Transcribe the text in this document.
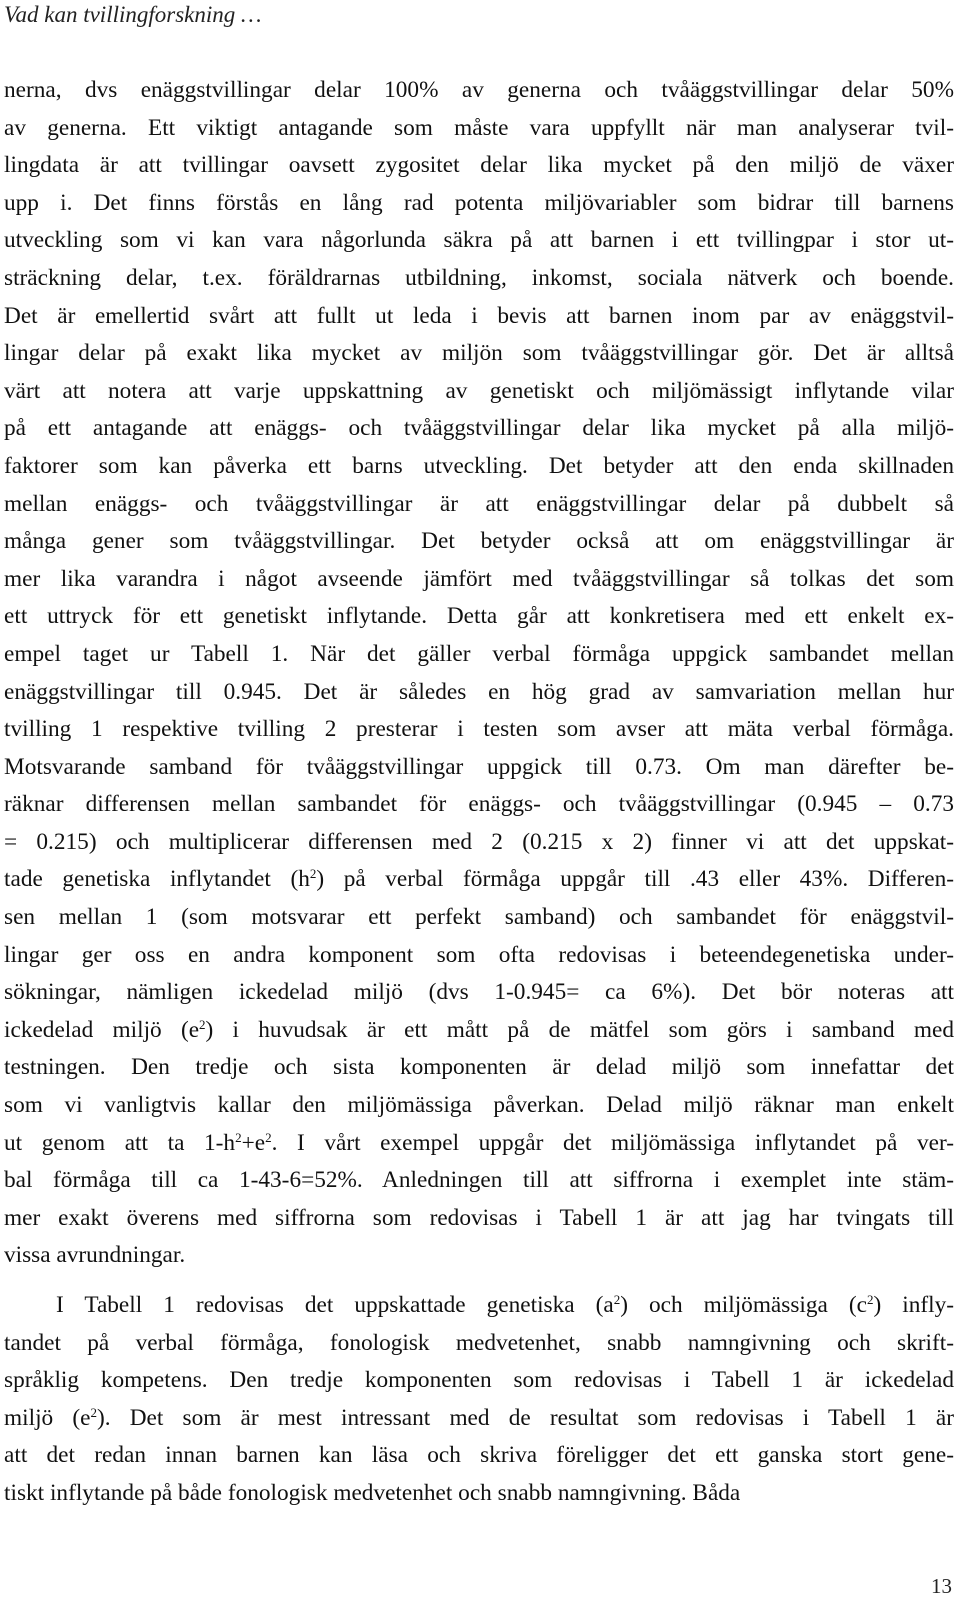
Vad kan tvillingforskning …
nerna, dvs enäggstvillingar delar 100% av generna och tvåäggstvillingar delar 50%
av generna. Ett viktigt antagande som måste vara uppfyllt när man analyserar tvil-
lingdata är att tvillingar oavsett zygositet delar lika mycket på den miljö de växer
upp i. Det finns förstås en lång rad potenta miljövariabler som bidrar till barnens
utveckling som vi kan vara någorlunda säkra på att barnen i ett tvillingpar i stor ut-
sträckning delar, t.ex. föräldrarnas utbildning, inkomst, sociala nätverk och boende.
Det är emellertid svårt att fullt ut leda i bevis att barnen inom par av enäggstvil-
lingar delar på exakt lika mycket av miljön som tvåäggstvillingar gör. Det är alltså
värt att notera att varje uppskattning av genetiskt och miljömässigt inflytande vilar
på ett antagande att enäggs- och tvåäggstvillingar delar lika mycket på alla miljö-
faktorer som kan påverka ett barns utveckling. Det betyder att den enda skillnaden
mellan enäggs- och tvåäggstvillingar är att enäggstvillingar delar på dubbelt så
många gener som tvåäggstvillingar. Det betyder också att om enäggstvillingar är
mer lika varandra i något avseende jämfört med tvåäggstvillingar så tolkas det som
ett uttryck för ett genetiskt inflytande. Detta går att konkretisera med ett enkelt ex-
empel taget ur Tabell 1. När det gäller verbal förmåga uppgick sambandet mellan
enäggstvillingar till 0.945. Det är således en hög grad av samvariation mellan hur
tvilling 1 respektive tvilling 2 presterar i testen som avser att mäta verbal förmåga.
Motsvarande samband för tvåäggstvillingar uppgick till 0.73. Om man därefter be-
räknar differensen mellan sambandet för enäggs- och tvåäggstvillingar (0.945 – 0.73
= 0.215) och multiplicerar differensen med 2 (0.215 x 2) finner vi att det uppskat-
tade genetiska inflytandet $(h^2)$ på verbal förmåga uppgår till .43 eller 43%. Differen-
sen mellan 1 (som motsvarar ett perfekt samband) och sambandet för enäggstvil-
lingar ger oss en andra komponent som ofta redovisas i beteendegenetiska under-
sökningar, nämligen ickedelad miljö (dvs 1-0.945= ca 6%). Det bör noteras att
ickedelad miljö $(e^2)$ i huvudsak är ett mått på de mätfel som görs i samband med
testningen. Den tredje och sista komponenten är delad miljö som innefattar det
som vi vanligtvis kallar den miljömässiga påverkan. Delad miljö räknar man enkelt
ut genom att ta $1-h^2+e^2$. I vårt exempel uppgår det miljömässiga inflytandet på ver-
bal förmåga till ca 1-43-6=52%. Anledningen till att siffrorna i exemplet inte stäm-
mer exakt överens med siffrorna som redovisas i Tabell 1 är att jag har tvingats till
vissa avrundningar.
I Tabell 1 redovisas det uppskattade genetiska $(a^2)$ och miljömässiga $(c^2)$ infly-
tandet på verbal förmåga, fonologisk medvetenhet, snabb namngivning och skrift-
språklig kompetens. Den tredje komponenten som redovisas i Tabell 1 är ickedelad
miljö $(e^2)$. Det som är mest intressant med de resultat som redovisas i Tabell 1 är
att det redan innan barnen kan läsa och skriva föreligger det ett ganska stort gene-
tiskt inflytande på både fonologisk medvetenhet och snabb namngivning. Båda
13
